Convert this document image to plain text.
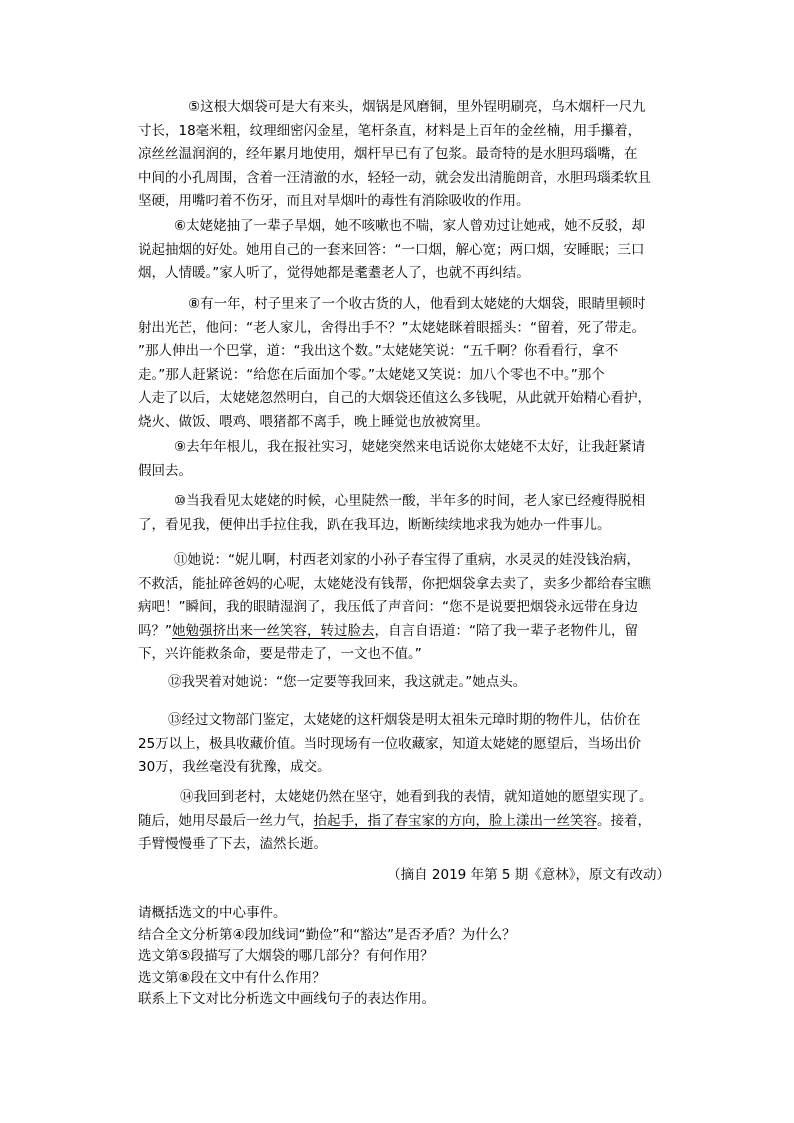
⑤这根大烟袋可是大有来头，烟锅是风磨铜，里外锃明刷亮，乌木烟杆一尺九
寸长，18毫米粗，纹理细密闪金星，笔杆条直，材料是上百年的金丝楠，用手攥着，
凉丝丝温润润的，经年累月地使用，烟杆早已有了包浆。最奇特的是水胆玛瑙嘴，在
中间的小孔周围，含着一汪清澈的水，轻轻一动，就会发出清脆朗音，水胆玛瑙柔软且
坚硬，用嘴叼着不伤牙，而且对旱烟叶的毒性有消除吸收的作用。
⑥太姥姥抽了一辈子旱烟，她不咳嗽也不喘，家人曾劝过让她戒，她不反驳，却
说起抽烟的好处。她用自己的一套来回答：“一口烟，解心宽；两口烟，安睡眠；三口
烟，人情暖。”家人听了，觉得她都是耄耋老人了，也就不再纠结。
⑧有一年，村子里来了一个收古货的人，他看到太姥姥的大烟袋，眼睛里顿时
射出光芒，他问：“老人家儿，舍得出手不？”太姥姥眯着眼摇头：“留着，死了带走。
”那人伸出一个巴掌，道：“我出这个数。”太姥姥笑说：“五千啊？你看看行，拿不
走。”那人赶紧说：“给您在后面加个零。”太姥姥又笑说：加八个零也不中。”那个
人走了以后，太姥姥忽然明白，自己的大烟袋还值这么多钱呢，从此就开始精心看护，
烧火、做饭、喂鸡、喂猪都不离手，晚上睡觉也放被窝里。
⑨去年年根儿，我在报社实习，姥姥突然来电话说你太姥姥不太好，让我赶紧请
假回去。
⑩当我看见太姥姥的时候，心里陡然一酸，半年多的时间，老人家已经瘦得脱相
了，看见我，便伸出手拉住我，趴在我耳边，断断续续地求我为她办一件事儿。
⑪她说：“妮儿啊，村西老刘家的小孙子春宝得了重病，水灵灵的娃没钱治病，
不救活，能扯碎爸妈的心呢，太姥姥没有钱帮，你把烟袋拿去卖了，卖多少都给春宝瞧
病吧！”瞬间，我的眼睛湿润了，我压低了声音问：“您不是说要把烟袋永远带在身边
吗？”她勉强挤出来一丝笑容，转过脸去，自言自语道：“陪了我一辈子老物件儿，留
下，兴许能救条命，要是带走了，一文也不值。”
⑫我哭着对她说：“您一定要等我回来，我这就走。”她点头。
⑬经过文物部门鉴定，太姥姥的这杆烟袋是明太祖朱元璋时期的物件儿，估价在
25万以上，极具收藏价值。当时现场有一位收藏家，知道太姥姥的愿望后，当场出价
30万，我丝毫没有犹豫，成交。
⑭我回到老村，太姥姥仍然在坚守，她看到我的表情，就知道她的愿望实现了。
随后，她用尽最后一丝力气，抬起手，指了春宝家的方向，脸上漾出一丝笑容。接着，
手臂慢慢垂了下去，溘然长逝。
（摘自 2019 年第 5 期《意林》，原文有改动）
请概括选文的中心事件。
结合全文分析第④段加线词“勤俭”和“豁达”是否矛盾？为什么？
选文第⑤段描写了大烟袋的哪几部分？有何作用？
选文第⑧段在文中有什么作用？
联系上下文对比分析选文中画线句子的表达作用。
